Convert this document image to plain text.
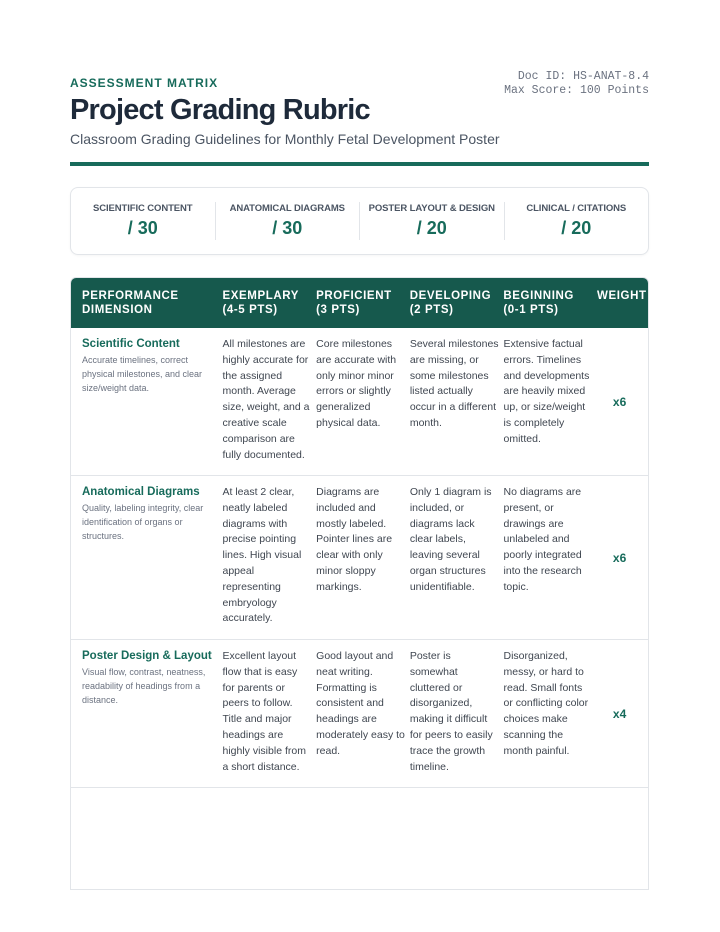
ASSESSMENT MATRIX	Doc ID: HS-ANAT-8.4
Max Score: 100 Points
Project Grading Rubric
Classroom Grading Guidelines for Monthly Fetal Development Poster
SCIENTIFIC CONTENT
/ 30
ANATOMICAL DIAGRAMS
/ 30
POSTER LAYOUT & DESIGN
/ 20
CLINICAL / CITATIONS
/ 20
PERFORMANCE DIMENSION
EXEMPLARY (4-5 PTS)
PROFICIENT (3 PTS)
DEVELOPING (2 PTS)
BEGINNING (0-1 PTS)
WEIGHT
Scientific Content
Accurate timelines, correct physical milestones, and clear size/weight data.
All milestones are highly accurate for the assigned month. Average size, weight, and a creative scale comparison are fully documented.
Core milestones are accurate with only minor minor errors or slightly generalized physical data.
Several milestones are missing, or some milestones listed actually occur in a different month.
Extensive factual errors. Timelines and developments are heavily mixed up, or size/weight is completely omitted.
x6
Anatomical Diagrams
Quality, labeling integrity, clear identification of organs or structures.
At least 2 clear, neatly labeled diagrams with precise pointing lines. High visual appeal representing embryology accurately.
Diagrams are included and mostly labeled. Pointer lines are clear with only minor sloppy markings.
Only 1 diagram is included, or diagrams lack clear labels, leaving several organ structures unidentifiable.
No diagrams are present, or drawings are unlabeled and poorly integrated into the research topic.
x6
Poster Design & Layout
Visual flow, contrast, neatness, readability of headings from a distance.
Excellent layout flow that is easy for parents or peers to follow. Title and major headings are highly visible from a short distance.
Good layout and neat writing. Formatting is consistent and headings are moderately easy to read.
Poster is somewhat cluttered or disorganized, making it difficult for peers to easily trace the growth timeline.
Disorganized, messy, or hard to read. Small fonts or conflicting color choices make scanning the month painful.
x4
